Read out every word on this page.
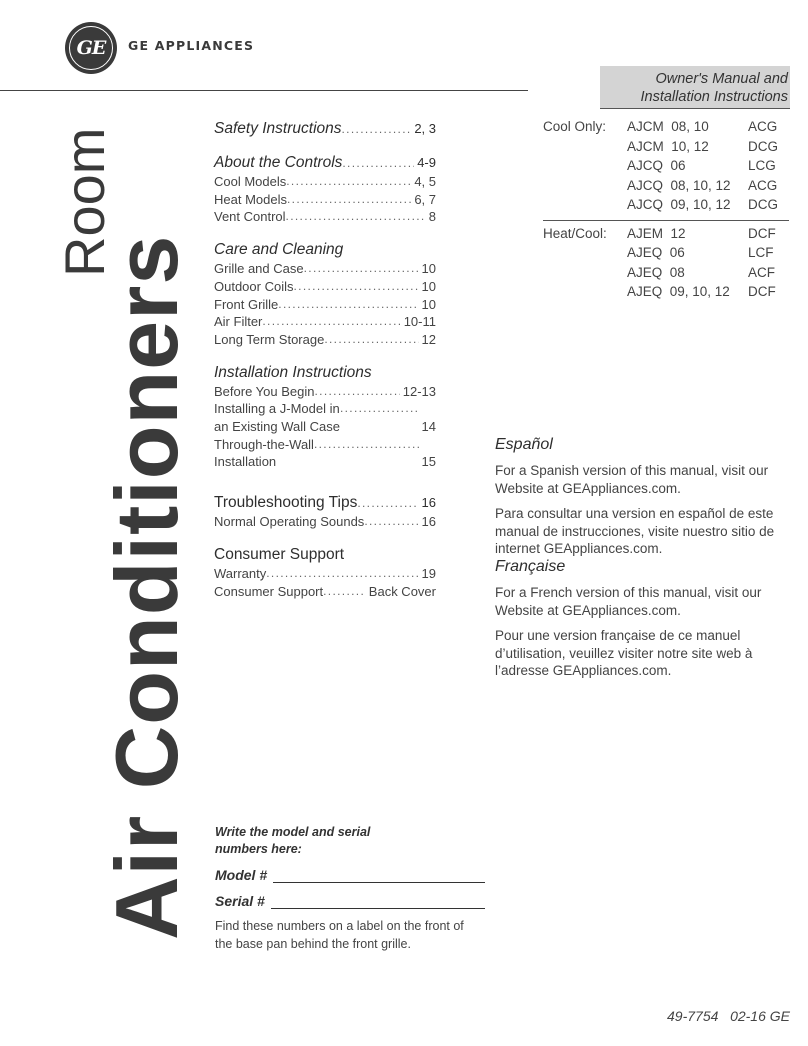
GE	GE APPLIANCES
Owner's Manual and
Installation Instructions
Room
Air Conditioners
Safety Instructions . . .	2, 3
About the Controls . . .	4-9
Cool Models . . .	4, 5
Heat Models . . .	6, 7
Vent Control . . .	8
Care and Cleaning
Grille and Case . . .	10
Outdoor Coils . . .	10
Front Grille . . .	10
Air Filter . . .	10-11
Long Term Storage . . .	12
Installation Instructions
Before You Begin . . .	12-13
Installing a J-Model in
an Existing Wall Case . . .	14
Through-the-Wall
Installation . . .	15
Troubleshooting Tips . . .	16
Normal Operating Sounds . . .	16
Consumer Support
Warranty . . .	19
Consumer Support . . .	Back Cover
Cool Only:	AJCM  08, 10	ACG
AJCM  10, 12	DCG
AJCQ  06	LCG
AJCQ  08, 10, 12	ACG
AJCQ  09, 10, 12	DCG
Heat/Cool:	AJEM  12	DCF
AJEQ  06	LCF
AJEQ  08	ACF
AJEQ  09, 10, 12	DCF
Español

For a Spanish version of this manual, visit our Website at GEAppliances.com.

Para consultar una version en español de este manual de instrucciones, visite nuestro sitio de internet GEAppliances.com.

Française

For a French version of this manual, visit our Website at GEAppliances.com.

Pour une version française de ce manuel d’utilisation, veuillez visiter notre site web à l’adresse GEAppliances.com.

Write the model and serial
numbers here:
Model #
Serial #
Find these numbers on a label on the front of
the base pan behind the front grille.
49-7754   02-16 GE
